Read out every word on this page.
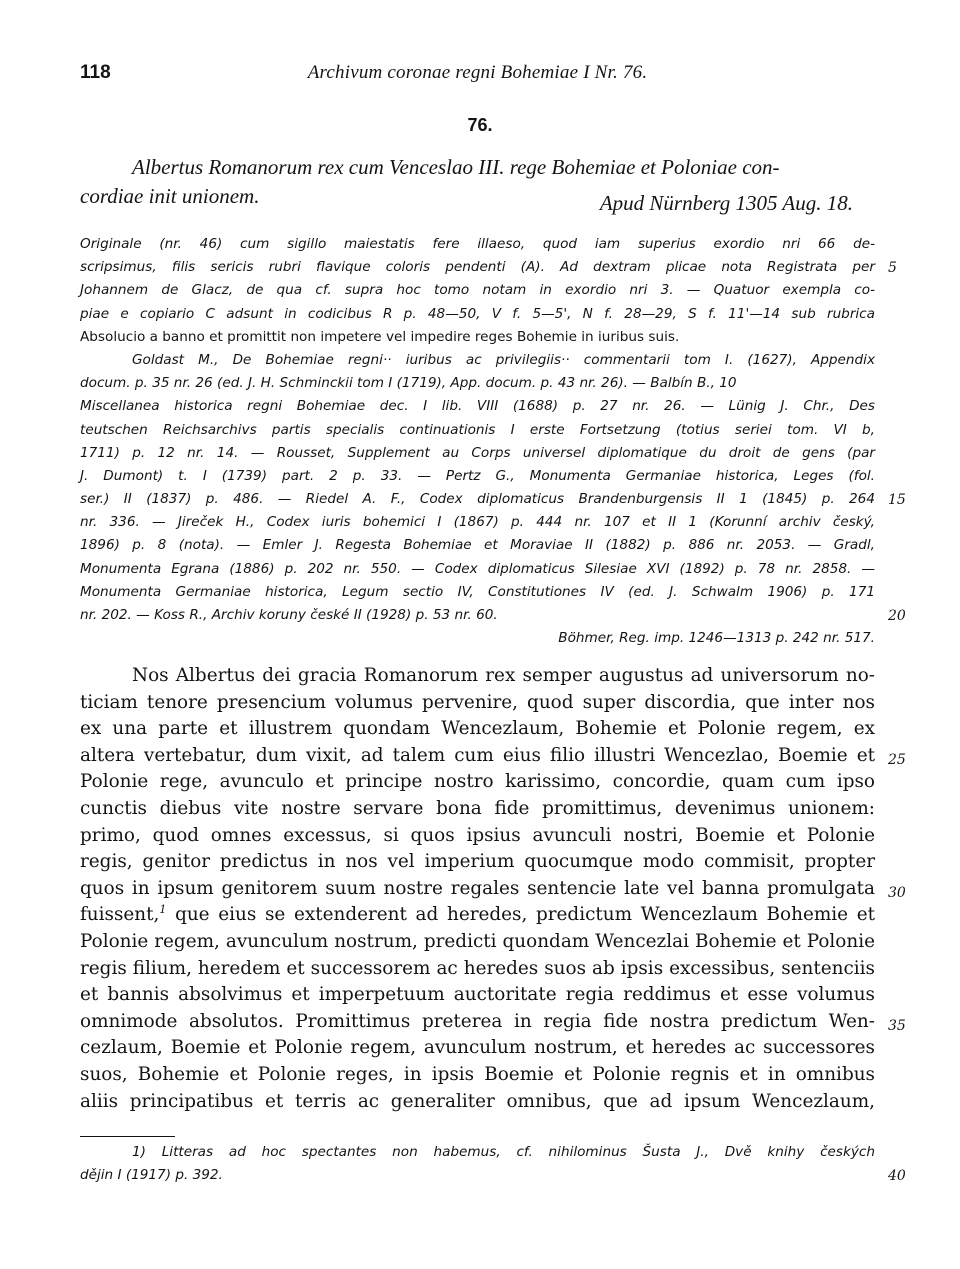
118	Archivum coronae regni Bohemiae I Nr. 76.
76.

Albertus Romanorum rex cum Venceslao III. rege Bohemiae et Poloniae con-

cordiae init unionem.	Apud Nürnberg 1305 Aug. 18.

Originale (nr. 46) cum sigillo maiestatis fere illaeso, quod iam superius exordio nri 66 de-
scripsimus, filis sericis rubri flavique coloris pendenti (A). Ad dextram plicae nota Registrata per 5
Johannem de Glacz, de qua cf. supra hoc tomo notam in exordio nri 3. — Quatuor exempla co-
piae e copiario C adsunt in codicibus R p. 48—50, V f. 5—5', N f. 28—29, S f. 11'—14 sub rubrica
Absolucio a banno et promittit non impetere vel impedire reges Bohemie in iuribus suis.
Goldast M., De Bohemiae regni·· iuribus ac privilegiis·· commentarii tom I. (1627), Appendix
docum. p. 35 nr. 26 (ed. J. H. Schminckii tom I (1719), App. docum. p. 43 nr. 26). — Balbín B., 10
Miscellanea historica regni Bohemiae dec. I lib. VIII (1688) p. 27 nr. 26. — Lünig J. Chr., Des
teutschen Reichsarchivs partis specialis continuationis I erste Fortsetzung (totius seriei tom. VI b,
1711) p. 12 nr. 14. — Rousset, Supplement au Corps universel diplomatique du droit de gens (par
J. Dumont) t. I (1739) part. 2 p. 33. — Pertz G., Monumenta Germaniae historica, Leges (fol.
ser.) II (1837) p. 486. — Riedel A. F., Codex diplomaticus Brandenburgensis II 1 (1845) p. 264 15
nr. 336. — Jireček H., Codex iuris bohemici I (1867) p. 444 nr. 107 et II 1 (Korunní archiv český,
1896) p. 8 (nota). — Emler J. Regesta Bohemiae et Moraviae II (1882) p. 886 nr. 2053. — Gradl,
Monumenta Egrana (1886) p. 202 nr. 550. — Codex diplomaticus Silesiae XVI (1892) p. 78 nr. 2858. —
Monumenta Germaniae historica, Legum sectio IV, Constitutiones IV (ed. J. Schwalm 1906) p. 171
nr. 202. — Koss R., Archiv koruny české II (1928) p. 53 nr. 60.	20
Böhmer, Reg. imp. 1246—1313 p. 242 nr. 517.
Nos Albertus dei gracia Romanorum rex semper augustus ad universorum no-
ticiam tenore presencium volumus pervenire, quod super discordia, que inter nos
ex una parte et illustrem quondam Wencezlaum, Bohemie et Polonie regem, ex
altera vertebatur, dum vixit, ad talem cum eius filio illustri Wencezlao, Boemie et 25
Polonie rege, avunculo et principe nostro karissimo, concordie, quam cum ipso
cunctis diebus vite nostre servare bona fide promittimus, devenimus unionem:
primo, quod omnes excessus, si quos ipsius avunculi nostri, Boemie et Polonie
regis, genitor predictus in nos vel imperium quocumque modo commisit, propter
quos in ipsum genitorem suum nostre regales sentencie late vel banna promulgata 30
fuissent,$^1$ que eius se extenderent ad heredes, predictum Wencezlaum Bohemie et
Polonie regem, avunculum nostrum, predicti quondam Wencezlai Bohemie et Polonie
regis filium, heredem et successorem ac heredes suos ab ipsis excessibus, sentenciis
et bannis absolvimus et imperpetuum auctoritate regia reddimus et esse volumus
omnimode absolutos. Promittimus preterea in regia fide nostra predictum Wen- 35
cezlaum, Boemie et Polonie regem, avunculum nostrum, et heredes ac successores
suos, Bohemie et Polonie reges, in ipsis Boemie et Polonie regnis et in omnibus
aliis principatibus et terris ac generaliter omnibus, que ad ipsum Wencezlaum,
1) Litteras ad hoc spectantes non habemus, cf. nihilominus Šusta J., Dvě knihy českých
dějin I (1917) p. 392.	40
